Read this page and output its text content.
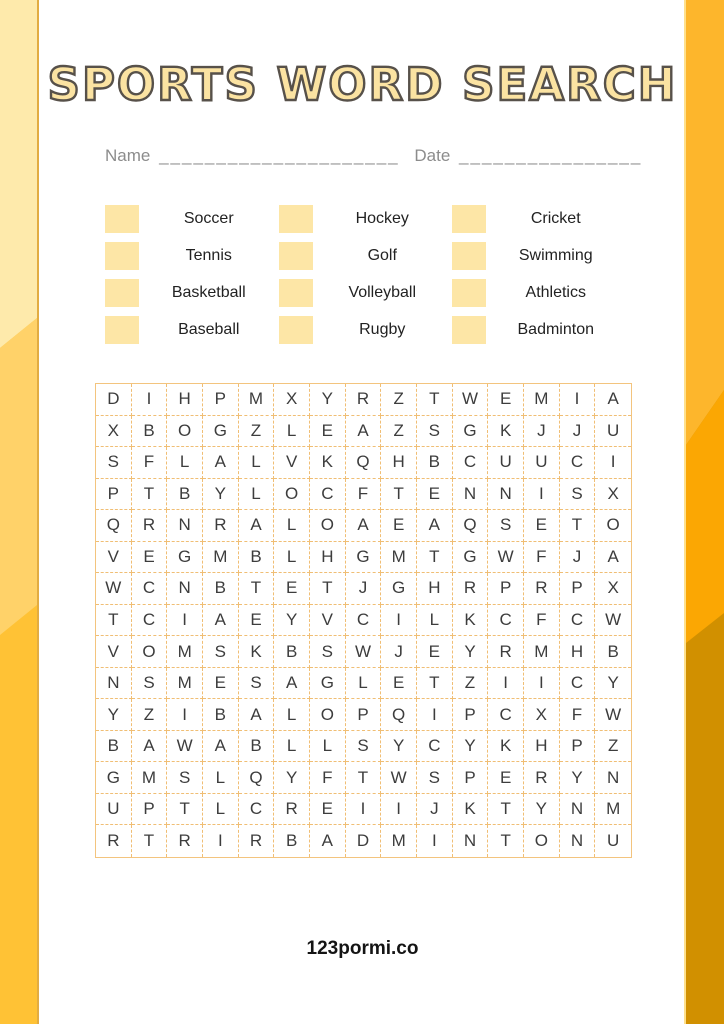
SPORTS WORD SEARCH
Name _____________________ Date ________________
Soccer	Hockey	Cricket
Tennis	Golf	Swimming
Basketball	Volleyball	Athletics
Baseball	Rugby	Badminton
D	I	H	P	M	X	Y	R	Z	T	W	E	M	I	A
X	B	O	G	Z	L	E	A	Z	S	G	K	J	J	U
S	F	L	A	L	V	K	Q	H	B	C	U	U	C	I
P	T	B	Y	L	O	C	F	T	E	N	N	I	S	X
Q	R	N	R	A	L	O	A	E	A	Q	S	E	T	O
V	E	G	M	B	L	H	G	M	T	G	W	F	J	A
W	C	N	B	T	E	T	J	G	H	R	P	R	P	X
T	C	I	A	E	Y	V	C	I	L	K	C	F	C	W
V	O	M	S	K	B	S	W	J	E	Y	R	M	H	B
N	S	M	E	S	A	G	L	E	T	Z	I	I	C	Y
Y	Z	I	B	A	L	O	P	Q	I	P	C	X	F	W
B	A	W	A	B	L	L	S	Y	C	Y	K	H	P	Z
G	M	S	L	Q	Y	F	T	W	S	P	E	R	Y	N
U	P	T	L	C	R	E	I	I	J	K	T	Y	N	M
R	T	R	I	R	B	A	D	M	I	N	T	O	N	U
123pormi.co
